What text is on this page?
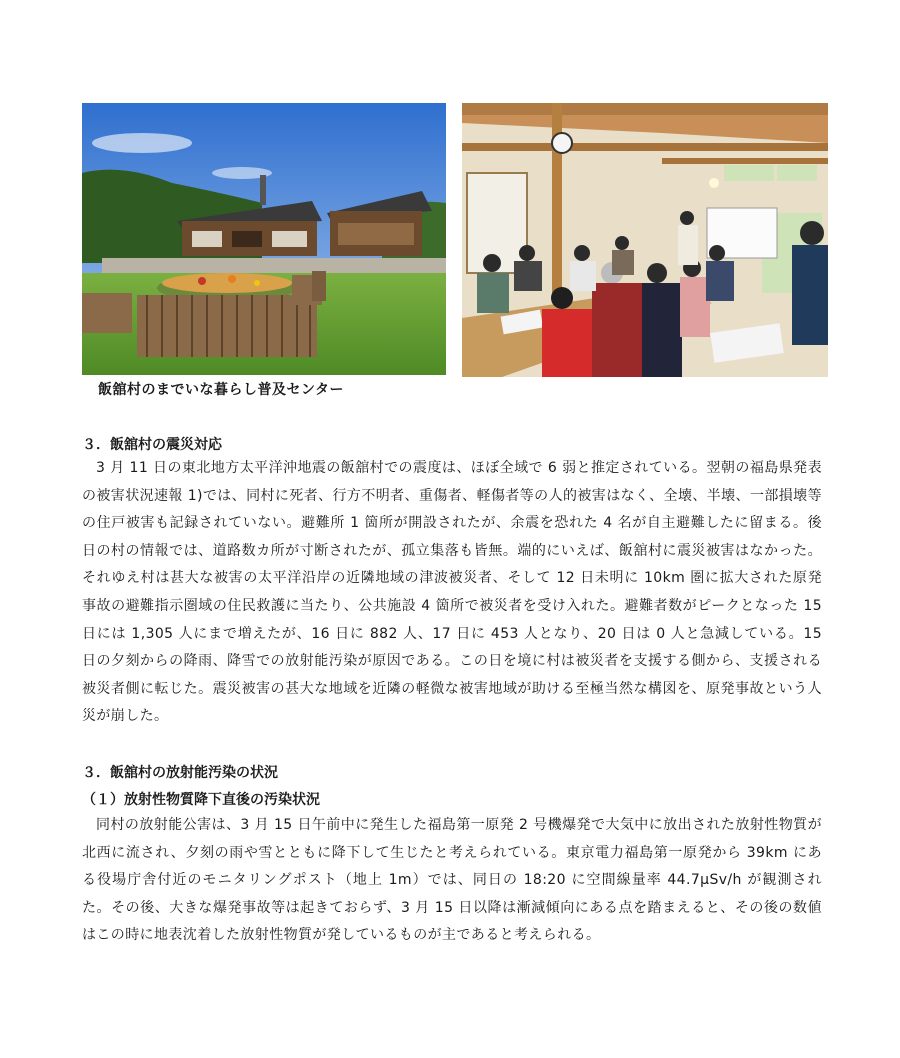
飯舘村のまでいな暮らし普及センター
３．飯舘村の震災対応

3 月 11 日の東北地方太平洋沖地震の飯舘村での震度は、ほぼ全域で 6 弱と推定されている。翌朝の福島県発表の被害状況速報 1)では、同村に死者、行方不明者、重傷者、軽傷者等の人的被害はなく、全壊、半壊、一部損壊等の住戸被害も記録されていない。避難所 1 箇所が開設されたが、余震を恐れた 4 名が自主避難したに留まる。後日の村の情報では、道路数カ所が寸断されたが、孤立集落も皆無。端的にいえば、飯舘村に震災被害はなかった。それゆえ村は甚大な被害の太平洋沿岸の近隣地域の津波被災者、そして 12 日未明に 10km 圏に拡大された原発事故の避難指示圏域の住民救護に当たり、公共施設 4 箇所で被災者を受け入れた。避難者数がピークとなった 15 日には 1,305 人にまで増えたが、16 日に 882 人、17 日に 453 人となり、20 日は 0 人と急減している。15 日の夕刻からの降雨、降雪での放射能汚染が原因である。この日を境に村は被災者を支援する側から、支援される被災者側に転じた。震災被害の甚大な地域を近隣の軽微な被害地域が助ける至極当然な構図を、原発事故という人災が崩した。

３．飯舘村の放射能汚染の状況
（１）放射性物質降下直後の汚染状況

同村の放射能公害は、3 月 15 日午前中に発生した福島第一原発 2 号機爆発で大気中に放出された放射性物質が北西に流され、夕刻の雨や雪とともに降下して生じたと考えられている。東京電力福島第一原発から 39km にある役場庁舎付近のモニタリングポスト（地上 1m）では、同日の 18:20 に空間線量率 44.7μSv/h が観測された。その後、大きな爆発事故等は起きておらず、3 月 15 日以降は漸減傾向にある点を踏まえると、その後の数値はこの時に地表沈着した放射性物質が発しているものが主であると考えられる。
